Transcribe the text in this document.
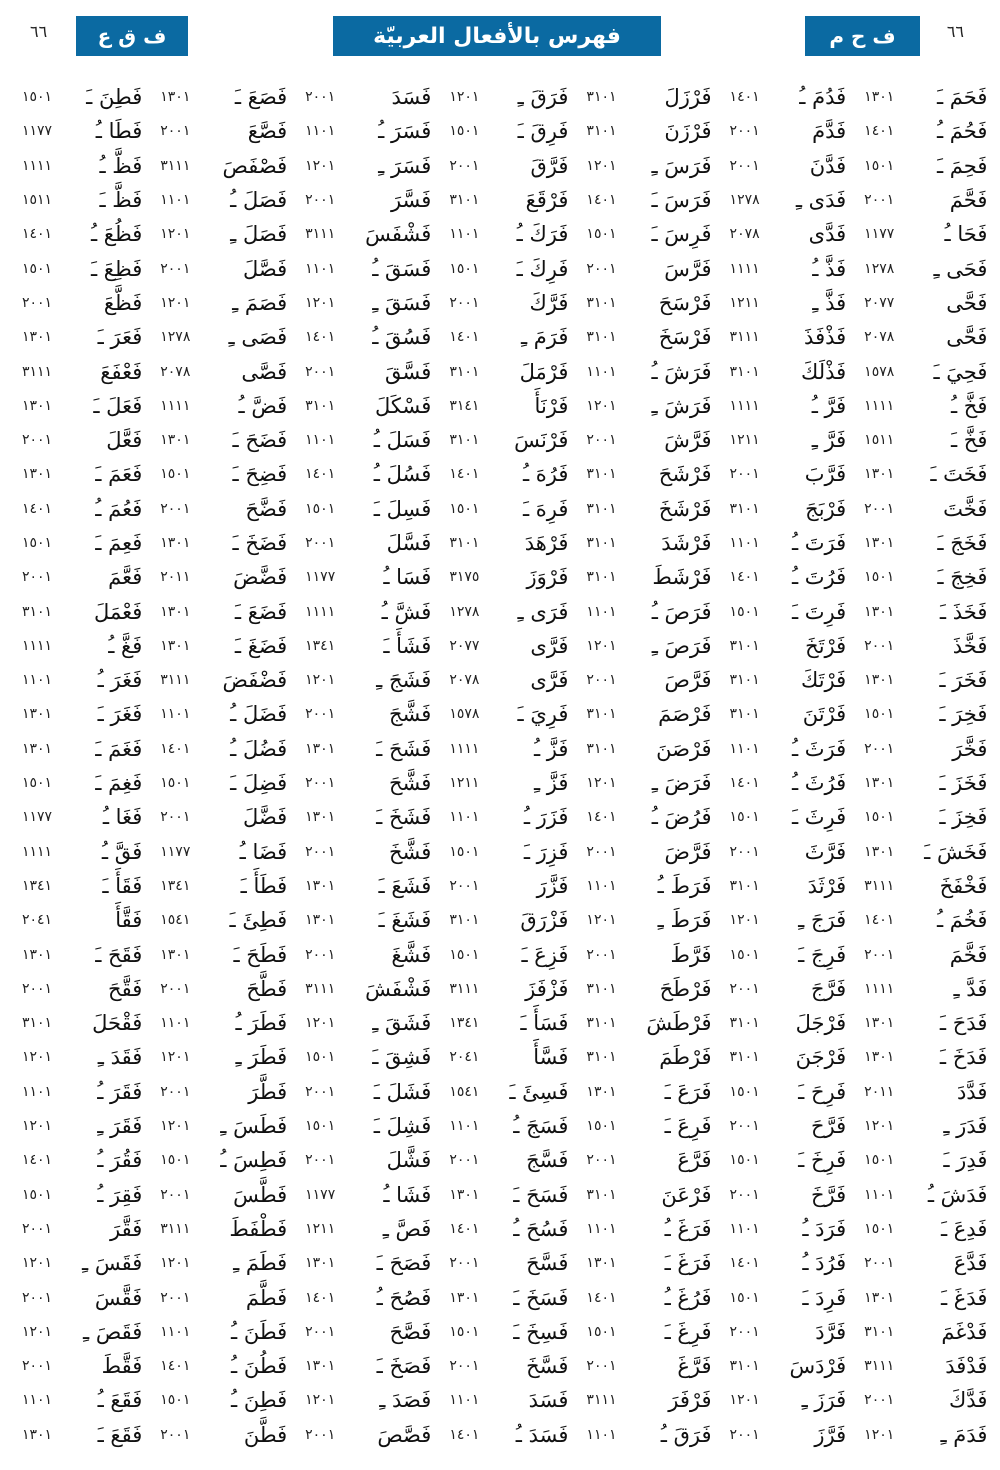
٦٦	ف ق ع	فهرس بالأفعال العربيّة	ف ح م	٦٦
١٥٠١	فَطِنَ ـَ
١١٧٧	فَطَا ـُ
١١١١	فَظَّ ـُ
١٥١١	فَظَّ ـَ
١٤٠١	فَظُعَ ـُ
١٥٠١	فَظِعَ ـَ
٢٠٠١	فَظَّعَ
١٣٠١	فَعَرَ ـَ
٣١١١	فَعْفَعَ
١٣٠١	فَعَلَ ـَ
٢٠٠١	فَعَّلَ
١٣٠١	فَعَمَ ـَ
١٤٠١	فَعُمَ ـُ
١٥٠١	فَعِمَ ـَ
٢٠٠١	فَعَّمَ
٣١٠١	فَعْمَلَ
١١١١	فَغَّ ـُ
١١٠١	فَغَرَ ـُ
١٣٠١	فَغَرَ ـَ
١٣٠١	فَغَمَ ـَ
١٥٠١	فَغِمَ ـَ
١١٧٧	فَغَا ـُ
١١١١	فَقَّ ـُ
١٣٤١	فَقَأَ ـَ
٢٠٤١	فَقَّأَ
١٣٠١	فَقَحَ ـَ
٢٠٠١	فَقَّحَ
٣١٠١	فَقْحَلَ
١٢٠١	فَقَدَ ـِ
١١٠١	فَقَرَ ـُ
١٢٠١	فَقَرَ ـِ
١٤٠١	فَقُرَ ـُ
١٥٠١	فَقِرَ ـُ
٢٠٠١	فَقَّرَ
١٢٠١	فَقَسَ ـِ
٢٠٠١	فَقَّسَ
١٢٠١	فَقَصَ ـِ
٢٠٠١	فَقَّطَ
١١٠١	فَقَعَ ـُ
١٣٠١	فَقَعَ ـَ
١٣٠١	فَصَعَ ـَ
٢٠٠١	فَصَّعَ
٣١١١	فَصْفَصَ
١١٠١	فَصَلَ ـُ
١٢٠١	فَصَلَ ـِ
٢٠٠١	فَصَّلَ
١٢٠١	فَصَمَ ـِ
١٢٧٨	فَصَى ـِ
٢٠٧٨	فَصَّى
١١١١	فَضَّ ـُ
١٣٠١	فَضَحَ ـَ
١٥٠١	فَضِحَ ـَ
٢٠٠١	فَضَّحَ
١٣٠١	فَضَخَ ـَ
٢٠١١	فَضَّضَ
١٣٠١	فَضَعَ ـَ
١٣٠١	فَضَغَ ـَ
٣١١١	فَضْفَضَ
١١٠١	فَضَلَ ـُ
١٤٠١	فَضُلَ ـُ
١٥٠١	فَضِلَ ـَ
٢٠٠١	فَضَّلَ
١١٧٧	فَضَا ـُ
١٣٤١	فَطَأَ ـَ
١٥٤١	فَطِئَ ـَ
١٣٠١	فَطَحَ ـَ
٢٠٠١	فَطَّحَ
١١٠١	فَطَرَ ـُ
١٢٠١	فَطَرَ ـِ
٢٠٠١	فَطَّرَ
١٢٠١	فَطَسَ ـِ
١٥٠١	فَطِسَ ـُ
٢٠٠١	فَطَّسَ
٣١١١	فَطْفَطَ
١٢٠١	فَطَمَ ـِ
٢٠٠١	فَطَّمَ
١١٠١	فَطَنَ ـُ
١٤٠١	فَطُنَ ـُ
١٥٠١	فَطِنَ ـُ
٢٠٠١	فَطَّنَ
٢٠٠١	فَسَدَ
١١٠١	فَسَرَ ـُ
١٢٠١	فَسَرَ ـِ
٢٠٠١	فَسَّرَ
٣١١١	فَشْفَسَ
١١٠١	فَسَقَ ـُ
١٢٠١	فَسَقَ ـِ
١٤٠١	فَسُقَ ـُ
٢٠٠١	فَسَّقَ
٣١٠١	فَسْكَلَ
١١٠١	فَسَلَ ـُ
١٤٠١	فَسُلَ ـُ
١٥٠١	فَسِلَ ـَ
٢٠٠١	فَسَّلَ
١١٧٧	فَسَا ـُ
١١١١	فَشَّ ـُ
١٣٤١	فَشَأَ ـَ
١٢٠١	فَشَجَ ـِ
٢٠٠١	فَشَّجَ
١٣٠١	فَشَحَ ـَ
٢٠٠١	فَشَّحَ
١٣٠١	فَشَخَ ـَ
٢٠٠١	فَشَّخَ
١٣٠١	فَشَعَ ـَ
١٣٠١	فَشَغَ ـَ
٢٠٠١	فَشَّغَ
٣١١١	فَشْفَشَ
١٢٠١	فَشَقَ ـِ
١٥٠١	فَشِقَ ـَ
٢٠٠١	فَشَلَ ـَ
١٥٠١	فَشِلَ ـَ
٢٠٠١	فَشَّلَ
١١٧٧	فَشَا ـُ
١٢١١	فَصَّ ـِ
١٣٠١	فَصَحَ ـَ
١٤٠١	فَصُحَ ـُ
٢٠٠١	فَصَّحَ
١٣٠١	فَصَخَ ـَ
١٢٠١	فَصَدَ ـِ
٢٠٠١	فَصَّصَ
١٢٠١	فَرَقَ ـِ
١٥٠١	فَرِقَ ـَ
٢٠٠١	فَرَّقَ
٣١٠١	فَرْقَعَ
١١٠١	فَرَكَ ـُ
١٥٠١	فَرِكَ ـَ
٢٠٠١	فَرَّكَ
١٤٠١	فَرَمَ ـِ
٣١٠١	فَرْمَلَ
٣١٤١	فَرْنَأَ
٣١٠١	فَرْنَسَ
١٤٠١	فَرُهَ ـُ
١٥٠١	فَرِهَ ـَ
٣١٠١	فَرْهَدَ
٣١٧٥	فَرْوَزَ
١٢٧٨	فَرَى ـِ
٢٠٧٧	فَرَّى
٢٠٧٨	فَرَّى
١٥٧٨	فَرِيَ ـَ
١١١١	فَزَّ ـُ
١٢١١	فَزَّ ـِ
١١٠١	فَزَرَ ـُ
١٥٠١	فَزِرَ ـَ
٢٠٠١	فَزَّرَ
٣١٠١	فَزْرَقَ
١٥٠١	فَزِعَ ـَ
٣١١١	فَزْفَزَ
١٣٤١	فَسَأَ ـَ
٢٠٤١	فَسَّأَ
١٥٤١	فَسِئَ ـَ
١١٠١	فَسَجَ ـُ
٢٠٠١	فَسَّجَ
١٣٠١	فَسَحَ ـَ
١٤٠١	فَسُحَ ـُ
٢٠٠١	فَسَّحَ
١٣٠١	فَسَخَ ـَ
١٥٠١	فَسِخَ ـَ
٢٠٠١	فَسَّخَ
١١٠١	فَسَدَ
١٤٠١	فَسَدَ ـُ
٣١٠١	فَرْزَلَ
٣١٠١	فَرْزَنَ
١٢٠١	فَرَسَ ـِ
١٤٠١	فَرَسَ ـَ
١٥٠١	فَرِسَ ـَ
٢٠٠١	فَرَّسَ
٣١٠١	فَرْسَحَ
٣١٠١	فَرْسَخَ
١١٠١	فَرَشَ ـُ
١٢٠١	فَرَشَ ـِ
٢٠٠١	فَرَّشَ
٣١٠١	فَرْشَحَ
٣١٠١	فَرْشَخَ
٣١٠١	فَرْشَدَ
٣١٠١	فَرْشَطَ
١١٠١	فَرَصَ ـُ
١٢٠١	فَرَصَ ـِ
٢٠٠١	فَرَّصَ
٣١٠١	فَرْصَمَ
٣١٠١	فَرْصَنَ
١٢٠١	فَرَضَ ـِ
١٤٠١	فَرُضَ ـُ
٢٠٠١	فَرَّضَ
١١٠١	فَرَطَ ـُ
١٢٠١	فَرَطَ ـِ
٢٠٠١	فَرَّطَ
٣١٠١	فَرْطَحَ
٣١٠١	فَرْطَشَ
٣١٠١	فَرْطَمَ
١٣٠١	فَرَعَ ـَ
١٥٠١	فَرِعَ ـَ
٢٠٠١	فَرَّعَ
٣١٠١	فَرْعَنَ
١١٠١	فَرَغَ ـُ
١٣٠١	فَرَغَ ـَ
١٤٠١	فَرُغَ ـُ
١٥٠١	فَرِغَ ـَ
٢٠٠١	فَرَّغَ
٣١١١	فَرْفَرَ
١١٠١	فَرَقَ ـُ
١٤٠١	فَدُمَ ـُ
٢٠٠١	فَدَّمَ
٢٠٠١	فَدَّنَ
١٢٧٨	فَدَى ـِ
٢٠٧٨	فَدَّى
١١١١	فَذَّ ـُ
١٢١١	فَذَّ ـِ
٣١١١	فَذْفَذَ
٣١٠١	فَذْلَكَ
١١١١	فَرَّ ـُ
١٢١١	فَرَّ ـِ
٢٠٠١	فَرَّبَ
٣١٠١	فَرْبَجَ
١١٠١	فَرَتَ ـُ
١٤٠١	فَرُتَ ـُ
١٥٠١	فَرِتَ ـَ
٣١٠١	فَرْتَخَ
٣١٠١	فَرْتَكَ
٣١٠١	فَرْتَنَ
١١٠١	فَرَثَ ـُ
١٤٠١	فَرُثَ ـُ
١٥٠١	فَرِثَ ـَ
٢٠٠١	فَرَّثَ
٣١٠١	فَرْثَدَ
١٢٠١	فَرَجَ ـِ
١٥٠١	فَرِجَ ـَ
٢٠٠١	فَرَّجَ
٣١٠١	فَرْجَلَ
٣١٠١	فَرْجَنَ
١٥٠١	فَرِحَ ـَ
٢٠٠١	فَرَّحَ
١٥٠١	فَرِخَ ـَ
٢٠٠١	فَرَّخَ
١١٠١	فَرَدَ ـُ
١٤٠١	فَرُدَ ـُ
١٥٠١	فَرِدَ ـَ
٢٠٠١	فَرَّدَ
٣١٠١	فَرْدَسَ
١٢٠١	فَرَزَ ـِ
٢٠٠١	فَرَّزَ
١٣٠١	فَحَمَ ـَ
١٤٠١	فَحُمَ ـُ
١٥٠١	فَحِمَ ـَ
٢٠٠١	فَحَّمَ
١١٧٧	فَحَا ـُ
١٢٧٨	فَحَى ـِ
٢٠٧٧	فَحَّى
٢٠٧٨	فَحَّى
١٥٧٨	فَحِيَ ـَ
١١١١	فَخَّ ـُ
١٥١١	فَخَّ ـَ
١٣٠١	فَخَتَ ـَ
٢٠٠١	فَخَّتَ
١٣٠١	فَخَجَ ـَ
١٥٠١	فَخِجَ ـَ
١٣٠١	فَخَذَ ـَ
٢٠٠١	فَخَّذَ
١٣٠١	فَخَرَ ـَ
١٥٠١	فَخِرَ ـَ
٢٠٠١	فَخَّرَ
١٣٠١	فَخَزَ ـَ
١٥٠١	فَخِزَ ـَ
١٣٠١	فَخَشَ ـَ
٣١١١	فَخْفَخَ
١٤٠١	فَخُمَ ـُ
٢٠٠١	فَخَّمَ
١١١١	فَدَّ ـِ
١٣٠١	فَدَحَ ـَ
١٣٠١	فَدَخَ ـَ
٢٠١١	فَدَّدَ
١٢٠١	فَدَرَ ـِ
١٥٠١	فَدِرَ ـَ
١١٠١	فَدَشَ ـُ
١٥٠١	فَدِعَ ـَ
٢٠٠١	فَدَّعَ
١٣٠١	فَدَغَ ـَ
٣١٠١	فَدْغَمَ
٣١١١	فَدْفَدَ
٢٠٠١	فَدَّكَ
١٢٠١	فَدَمَ ـِ
